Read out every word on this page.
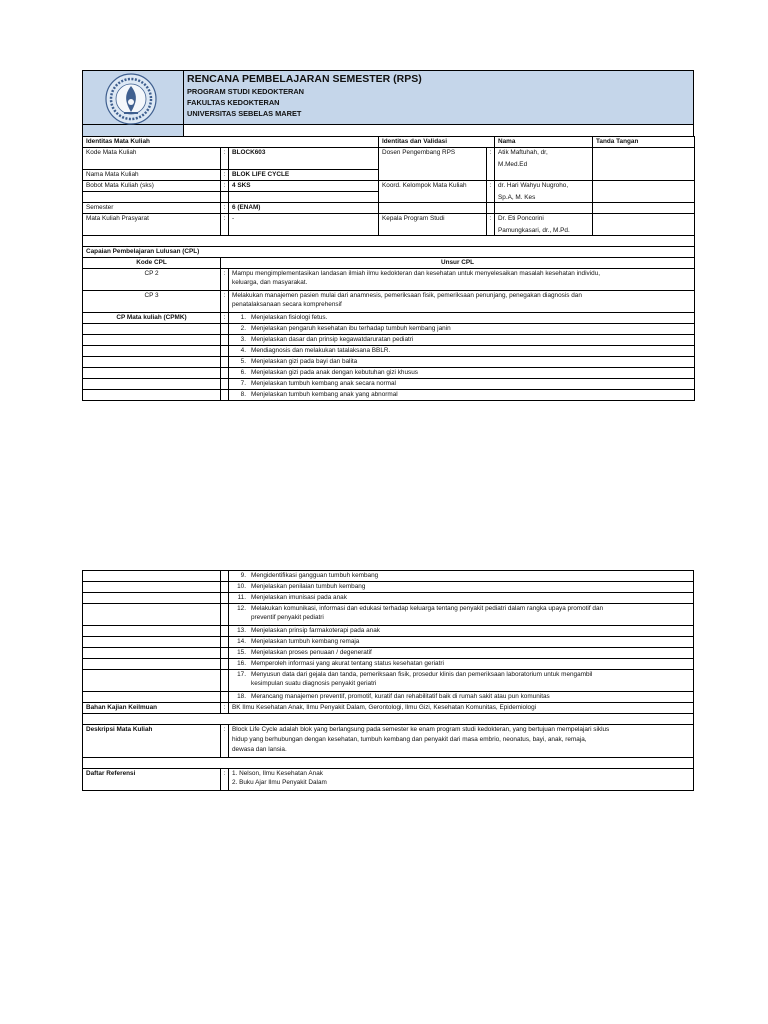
	RENCANA PEMBELAJARAN SEMESTER (RPS)
PROGRAM STUDI KEDOKTERAN
FAKULTAS KEDOKTERAN
UNIVERSITAS SEBELAS MARET

Identitas Mata Kuliah			Identitas dan Validasi		Nama	Tanda Tangan
Kode Mata Kuliah	:	BLOCK603	Dosen Pengembang RPS	:	Atik Maftuhah, dr,
M.Med.Ed	

Nama Mata Kuliah	:	BLOK LIFE CYCLE				
Bobot Mata Kuliah (sks)	:	4 SKS	Koord. Kelompok Mata Kuliah	:	dr. Hari Wahyu Nugroho,
Sp.A, M. Kes	

Semester	:	6 (ENAM)				
Mata Kuliah Prasyarat	:	-	Kepala Program Studi	:	Dr. Eti Poncorini
Pamungkasari, dr., M.Pd.	

Capaian Pembelajaran Lulusan (CPL)						
Kode CPL	Unsur CPL					
CP 2	:	Mampu mengimplementasikan landasan ilmiah ilmu kedokteran dan kesehatan untuk menyelesaikan masalah kesehatan individu,
keluarga, dan masyarakat.				

CP 3	:	Melakukan manajemen pasien mulai dari anamnesis, pemeriksaan fisik, pemeriksaan penunjang, penegakan diagnosis dan
penatalaksanaan secara komprehensif				

CP Mata kuliah (CPMK)	:	1. Menjelaskan fisiologi fetus.				
		2. Menjelaskan pengaruh kesehatan ibu terhadap tumbuh kembang janin				
		3. Menjelaskan dasar dan prinsip kegawatdaruratan pediatri				
		4. Mendiagnosis dan melakukan tatalaksana BBLR.				
		5. Menjelaskan gizi pada bayi dan balita				
		6. Menjelaskan gizi pada anak dengan kebutuhan gizi khusus				
		7. Menjelaskan tumbuh kembang anak secara normal				
		8. Menjelaskan tumbuh kembang anak yang abnormal				
		9. Mengidentifikasi gangguan tumbuh kembang
		10. Menjelaskan penilaian tumbuh kembang
		11. Menjelaskan imunisasi pada anak

		12. Melakukan komunikasi, informasi dan edukasi terhadap keluarga tentang penyakit pediatri dalam rangka upaya promotif dan
preventif penyakit pediatri

		13. Menjelaskan prinsip farmakoterapi pada anak
		14. Menjelaskan tumbuh kembang remaja
		15. Menjelaskan proses penuaan / degeneratif
		16. Memperoleh informasi yang akurat tentang status kesehatan geriatri

		17. Menyusun data dari gejala dan tanda, pemeriksaan fisik, prosedur klinis dan pemeriksaan laboratorium untuk mengambil
kesimpulan suatu diagnosis penyakit geriatri

		18. Merancang manajemen preventif, promotif, kuratif dan rehabilitatif baik di rumah sakit atau pun komunitas
Bahan Kajian Keilmuan	:	BK Ilmu Kesehatan Anak, Ilmu Penyakit Dalam, Gerontologi, Ilmu Gizi, Kesehatan Komunitas, Epidemiologi

Deskripsi Mata Kuliah	:	Block Life Cycle adalah blok yang berlangsung pada semester ke enam program studi kedokteran, yang bertujuan mempelajari siklus
hidup yang berhubungan dengan kesehatan, tumbuh kembang dan penyakit dari masa embrio, neonatus, bayi, anak, remaja,
dewasa dan lansia.

Daftar Referensi	:	1. Nelson, Ilmu Kesehatan Anak
2. Buku Ajar Ilmu Penyakit Dalam
